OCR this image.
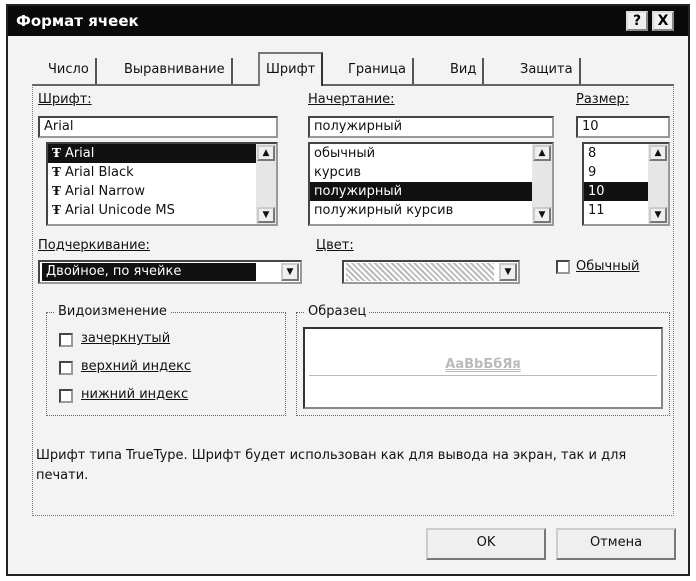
Формат ячеек	?	X
Число	Выравнивание	Шрифт	Граница	Вид	Защита
Шрифт:
Arial
Ŧ Arial
Ŧ Arial Black
Ŧ Arial Narrow
Ŧ Arial Unicode MS
▲
▼
Начертание:
полужирный
обычный
курсив
полужирный
полужирный курсив
▲
▼
Размер:
10
8
9
10
11
▲
▼
Подчеркивание:
Двойное, по ячейке	▼
Цвет:
▼	Обычный
Видоизменение
зачеркнутый
верхний индекс
нижний индекс
Образец
АаВbБбЯя
Шрифт типа TrueType. Шрифт будет использован как для вывода на экран, так и для печати.
OK	Отмена
